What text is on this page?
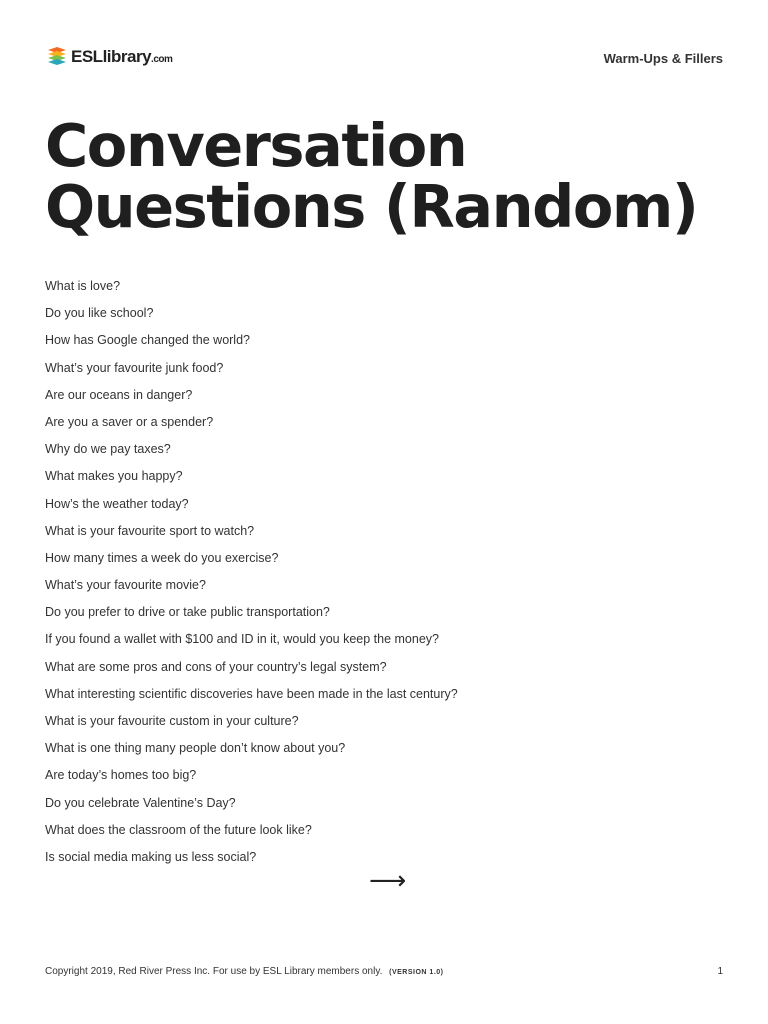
ESLlibrary.com	Warm-Ups & Fillers
Conversation
Questions (Random)
What is love?
Do you like school?
How has Google changed the world?
What’s your favourite junk food?
Are our oceans in danger?
Are you a saver or a spender?
Why do we pay taxes?
What makes you happy?
How’s the weather today?
What is your favourite sport to watch?
How many times a week do you exercise?
What’s your favourite movie?
Do you prefer to drive or take public transportation?
If you found a wallet with $100 and ID in it, would you keep the money?
What are some pros and cons of your country’s legal system?
What interesting scientific discoveries have been made in the last century?
What is your favourite custom in your culture?
What is one thing many people don’t know about you?
Are today’s homes too big?
Do you celebrate Valentine’s Day?
What does the classroom of the future look like?
Is social media making us less social?
⟶
Copyright 2019, Red River Press Inc. For use by ESL Library members only. (VERSION 1.0)	1
